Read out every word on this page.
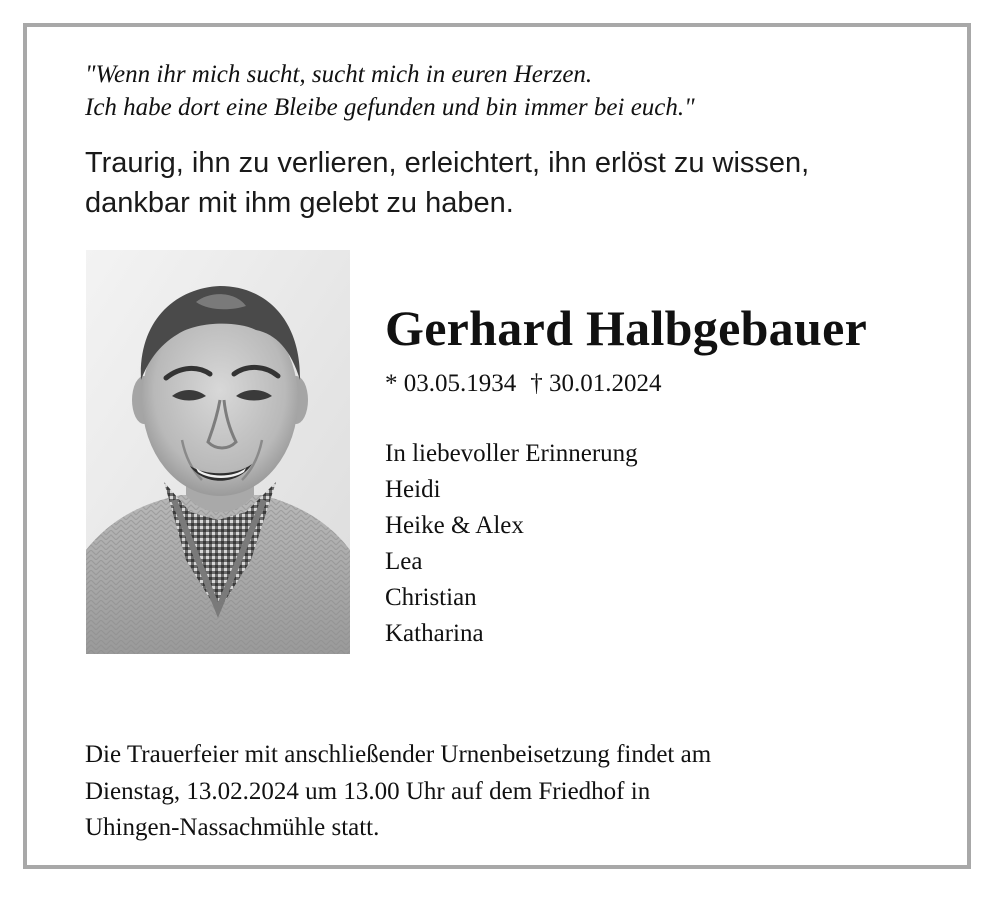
"Wenn ihr mich sucht, sucht mich in euren Herzen.
Ich habe dort eine Bleibe gefunden und bin immer bei euch."
Traurig, ihn zu verlieren, erleichtert, ihn erlöst zu wissen,
dankbar mit ihm gelebt zu haben.
Gerhard Halbgebauer
* 03.05.1934 † 30.01.2024
In liebevoller Erinnerung
Heidi
Heike & Alex
Lea
Christian
Katharina
Die Trauerfeier mit anschließender Urnenbeisetzung findet am
Dienstag, 13.02.2024 um 13.00 Uhr auf dem Friedhof in
Uhingen-Nassachmühle statt.
